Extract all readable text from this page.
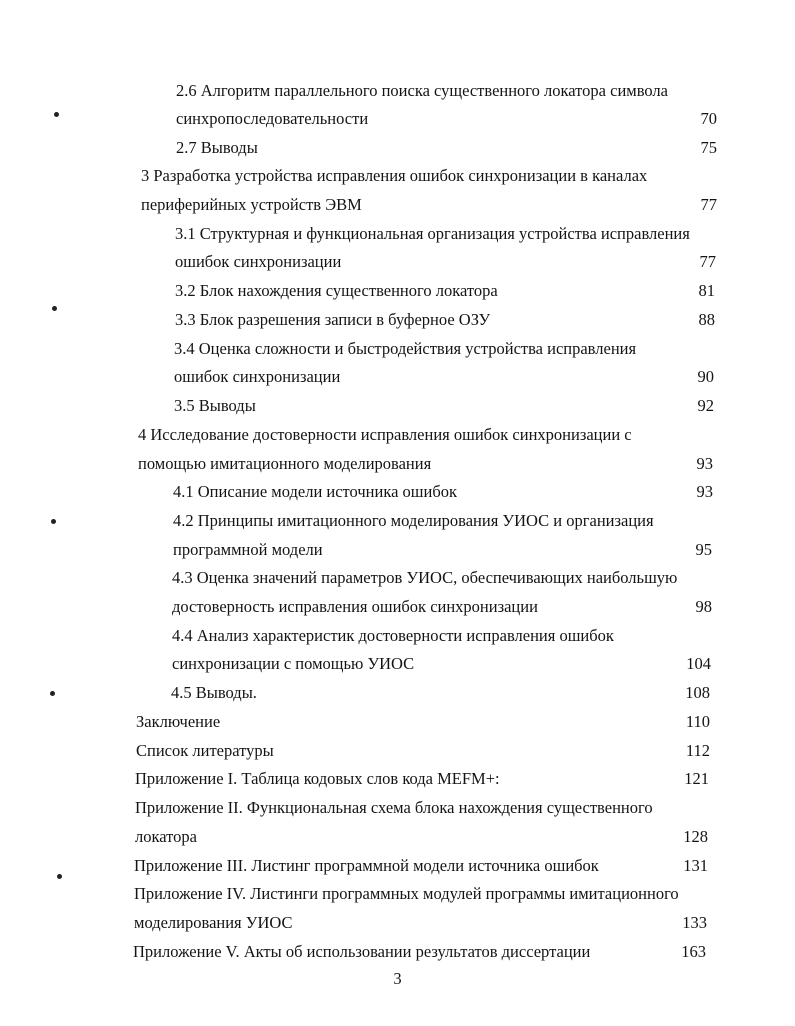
2.6 Алгоритм параллельного поиска существенного локатора символа
синхропоследовательности	70
2.7 Выводы	75
3 Разработка устройства исправления ошибок синхронизации в каналах
периферийных устройств ЭВМ	77
3.1 Структурная и функциональная организация устройства исправления
ошибок синхронизации	77
3.2 Блок нахождения существенного локатора	81
3.3 Блок разрешения записи в буферное ОЗУ	88
3.4 Оценка сложности и быстродействия устройства исправления
ошибок синхронизации	90
3.5 Выводы	92
4 Исследование достоверности исправления ошибок синхронизации с
помощью имитационного моделирования	93
4.1 Описание модели источника ошибок	93
4.2 Принципы имитационного моделирования УИОС и организация
программной модели	95
4.3 Оценка значений параметров УИОС, обеспечивающих наибольшую
достоверность исправления ошибок синхронизации	98
4.4 Анализ характеристик достоверности исправления ошибок
синхронизации с помощью УИОС	104
4.5 Выводы.	108
Заключение	110
Список литературы	112
Приложение I. Таблица кодовых слов кода MEFM+:	121
Приложение II. Функциональная схема блока нахождения существенного
локатора	128
Приложение III. Листинг программной модели источника ошибок	131
Приложение IV. Листинги программных модулей программы имитационного
моделирования УИОС	133
Приложение V. Акты об использовании результатов диссертации	163
3
